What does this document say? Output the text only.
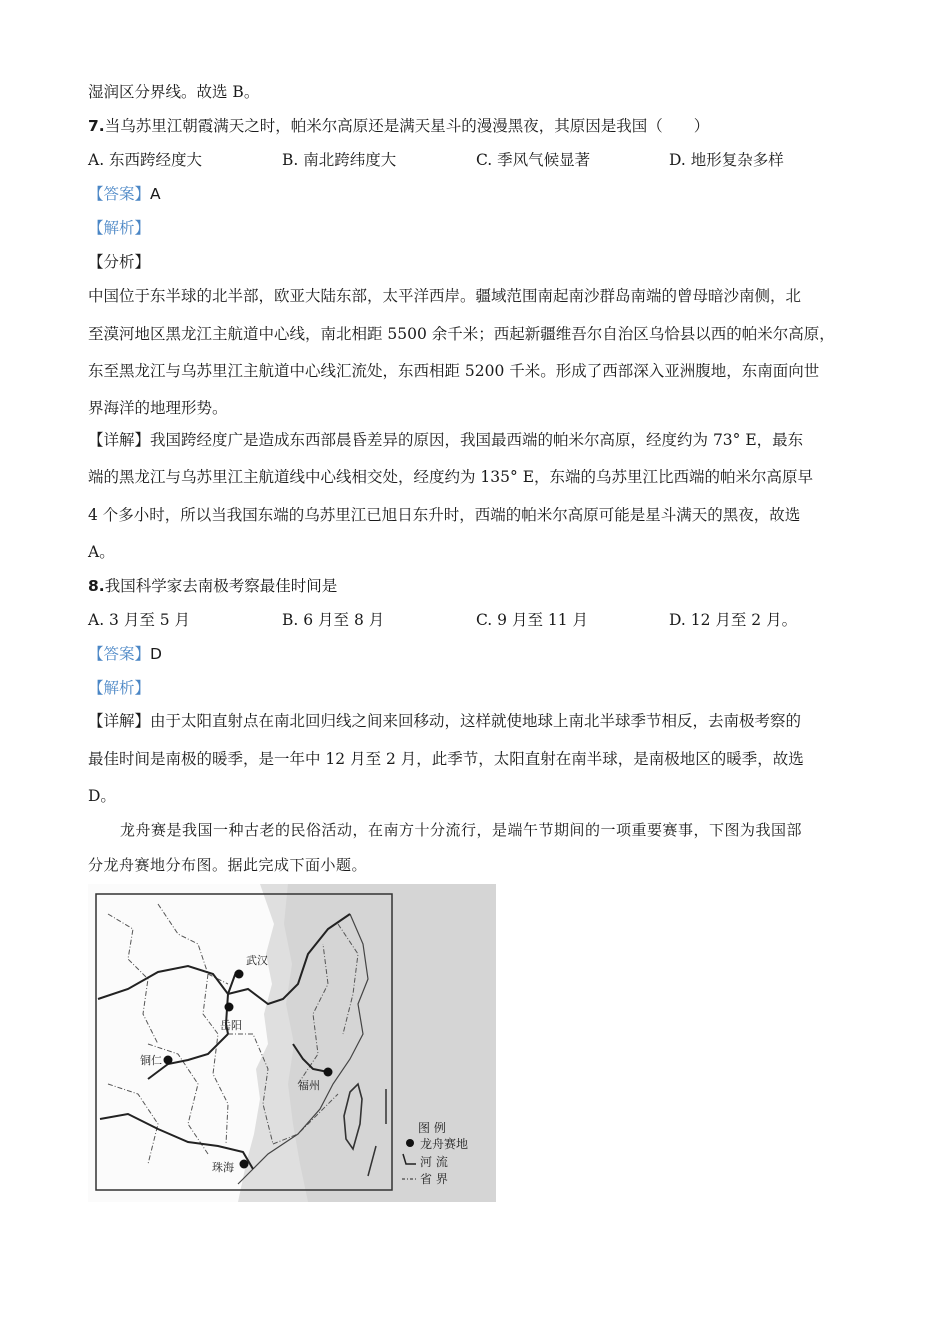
湿润区分界线。故选 B。
7.当乌苏里江朝霞满天之时，帕米尔高原还是满天星斗的漫漫黑夜，其原因是我国（　　）
A. 东西跨经度大	B. 南北跨纬度大	C. 季风气候显著	D. 地形复杂多样
【答案】A
【解析】
【分析】
中国位于东半球的北半部，欧亚大陆东部，太平洋西岸。疆域范围南起南沙群岛南端的曾母暗沙南侧，北
至漠河地区黑龙江主航道中心线，南北相距 5500 余千米；西起新疆维吾尔自治区乌恰县以西的帕米尔高原，
东至黑龙江与乌苏里江主航道中心线汇流处，东西相距 5200 千米。形成了西部深入亚洲腹地，东南面向世
界海洋的地理形势。
【详解】我国跨经度广是造成东西部晨昏差异的原因，我国最西端的帕米尔高原，经度约为 73° E，最东
端的黑龙江与乌苏里江主航道线中心线相交处，经度约为 135° E，东端的乌苏里江比西端的帕米尔高原早
4 个多小时，所以当我国东端的乌苏里江已旭日东升时，西端的帕米尔高原可能是星斗满天的黑夜，故选
A。
8.我国科学家去南极考察最佳时间是
A. 3 月至 5 月	B. 6 月至 8 月	C. 9 月至 11 月	D. 12 月至 2 月。
【答案】D
【解析】
【详解】由于太阳直射点在南北回归线之间来回移动，这样就使地球上南北半球季节相反，去南极考察的
最佳时间是南极的暖季，是一年中 12 月至 2 月，此季节，太阳直射在南半球，是南极地区的暖季，故选
D。
龙舟赛是我国一种古老的民俗活动，在南方十分流行，是端午节期间的一项重要赛事，下图为我国部
分龙舟赛地分布图。据此完成下面小题。
武汉
岳阳
铜仁
福州
珠海
图 例
龙舟赛地
河 流
省 界
